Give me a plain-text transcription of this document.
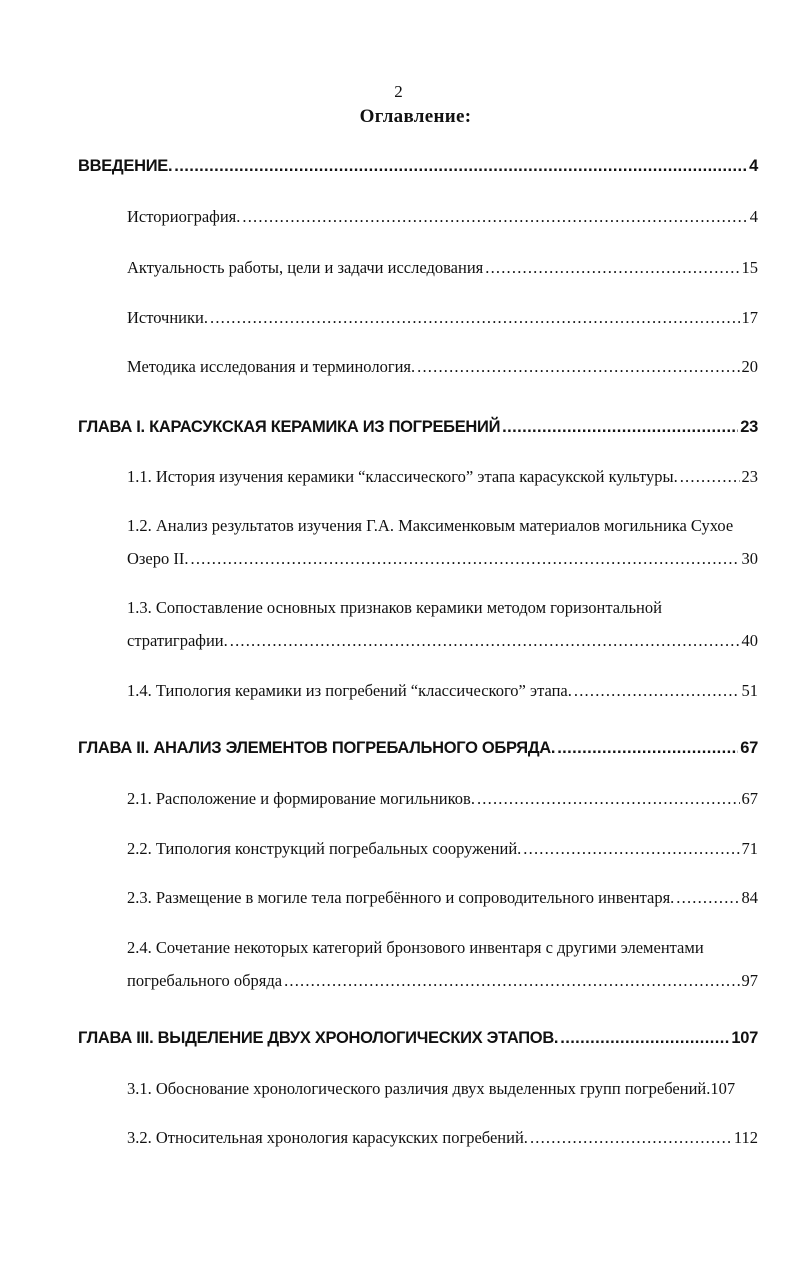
2
Оглавление:
ВВЕДЕНИЕ. .....	4
Историография. .....	4
Актуальность работы, цели и задачи исследования .....	15
Источники. .....	17
Методика исследования и терминология. .....	20
ГЛАВА I. КАРАСУКСКАЯ КЕРАМИКА ИЗ ПОГРЕБЕНИЙ .....	23
1.1. История изучения керамики “классического” этапа карасукской культуры. .....	23
1.2. Анализ результатов изучения Г.А. Максименковым материалов могильника Сухое
Озеро II. .....	30
1.3. Сопоставление основных признаков керамики методом горизонтальной
стратиграфии. .....	40
1.4. Типология керамики из погребений “классического” этапа. .....	51
ГЛАВА II. АНАЛИЗ ЭЛЕМЕНТОВ ПОГРЕБАЛЬНОГО ОБРЯДА. .....	67
2.1. Расположение и формирование могильников. .....	67
2.2. Типология конструкций погребальных сооружений. .....	71
2.3. Размещение в могиле тела погребённого и сопроводительного инвентаря. .....	84
2.4. Сочетание некоторых категорий бронзового инвентаря с другими элементами
погребального обряда .....	97
ГЛАВА III. ВЫДЕЛЕНИЕ ДВУХ ХРОНОЛОГИЧЕСКИХ ЭТАПОВ. .....	107
3.1. Обоснование хронологического различия двух выделенных групп погребений. 107
3.2. Относительная хронология карасукских погребений. .....	112
